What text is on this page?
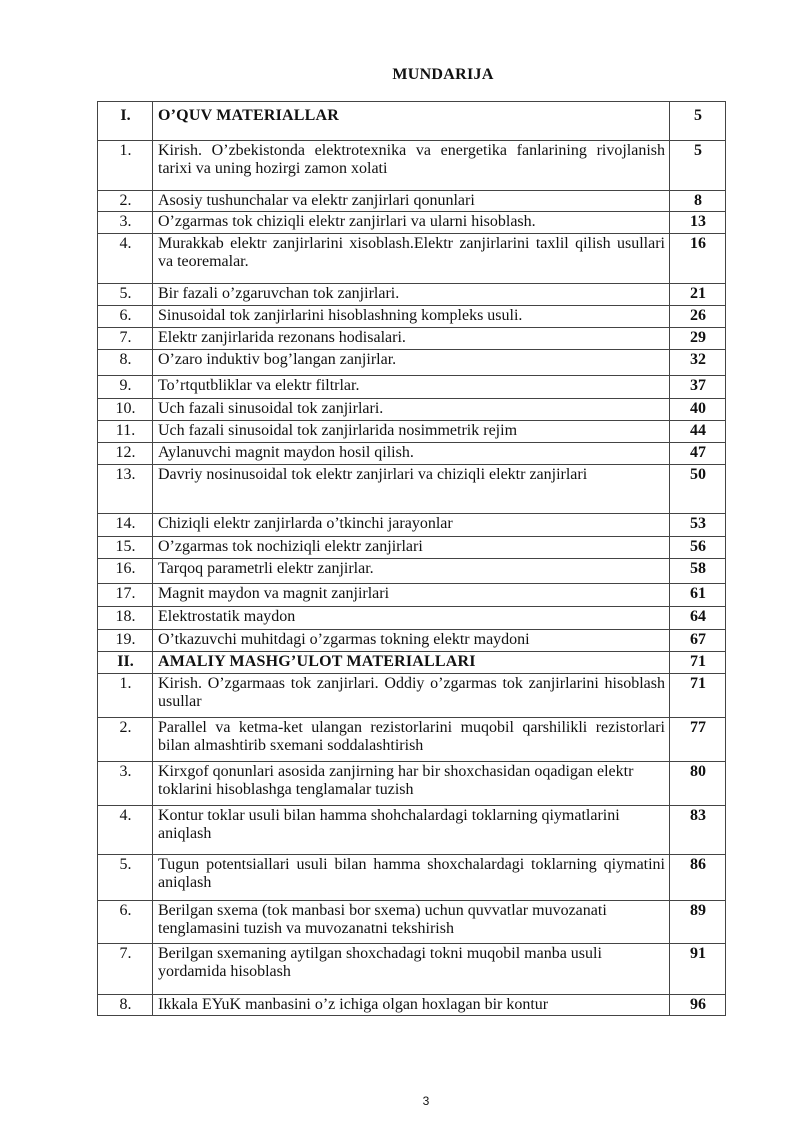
MUNDARIJA
I.	O’QUV MATERIALLAR	5
1.	Kirish. O’zbekistonda elektrotexnika va energetika fanlarining rivojlanish tarixi va uning hozirgi zamon xolati	5
2.	Asosiy tushunchalar va elektr zanjirlari qonunlari	8
3.	O’zgarmas tok chiziqli elektr zanjirlari va ularni hisoblash.	13
4.	Murakkab elektr zanjirlarini xisoblash.Elektr zanjirlarini taxlil qilish usullari va teoremalar.	16
5.	Bir fazali o’zgaruvchan tok zanjirlari.	21
6.	Sinusoidal tok zanjirlarini hisoblashning kompleks usuli.	26
7.	Elektr zanjirlarida rezonans hodisalari.	29
8.	O’zaro induktiv bog’langan zanjirlar.	32
9.	To’rtqutbliklar va elektr filtrlar.	37
10.	Uch fazali sinusoidal tok zanjirlari.	40
11.	Uch fazali sinusoidal tok zanjirlarida nosimmetrik rejim	44
12.	Aylanuvchi magnit maydon hosil qilish.	47
13.	Davriy nosinusoidal tok elektr zanjirlari va chiziqli elektr zanjirlari	50
14.	Chiziqli elektr zanjirlarda o’tkinchi jarayonlar	53
15.	O’zgarmas tok nochiziqli elektr zanjirlari	56
16.	Tarqoq parametrli elektr zanjirlar.	58
17.	Magnit maydon va magnit zanjirlari	61
18.	Elektrostatik maydon	64
19.	O’tkazuvchi muhitdagi o’zgarmas tokning elektr maydoni	67
II.	AMALIY MASHG’ULOT MATERIALLARI	71
1.	Kirish. O’zgarmaas tok zanjirlari. Oddiy o’zgarmas tok zanjirlarini hisoblash usullar	71
2.	Parallel va ketma-ket ulangan rezistorlarini muqobil qarshilikli rezistorlari bilan almashtirib sxemani soddalashtirish	77
3.	Kirxgof qonunlari asosida zanjirning har bir shoxchasidan oqadigan elektr toklarini hisoblashga tenglamalar tuzish	80
4.	Kontur toklar usuli bilan hamma shohchalardagi toklarning qiymatlarini aniqlash	83
5.	Tugun potentsiallari usuli bilan hamma shoxchalardagi toklarning qiymatini aniqlash	86
6.	Berilgan sxema (tok manbasi bor sxema) uchun quvvatlar muvozanati tenglamasini tuzish va muvozanatni tekshirish	89
7.	Berilgan sxemaning aytilgan shoxchadagi tokni muqobil manba usuli yordamida hisoblash	91
8.	Ikkala EYuK manbasini o’z ichiga olgan hoxlagan bir kontur	96
3
